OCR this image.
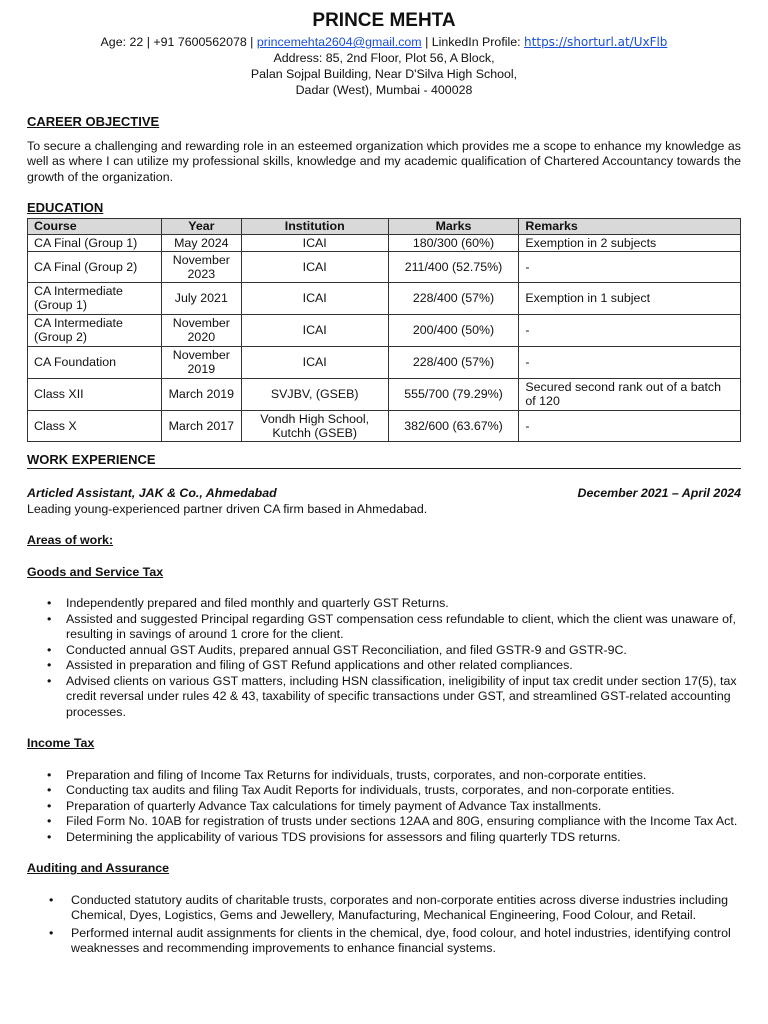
PRINCE MEHTA
Age: 22 | +91 7600562078 | princemehta2604@gmail.com | LinkedIn Profile: https://shorturl.at/UxFlb
Address: 85, 2nd Floor, Plot 56, A Block,
Palan Sojpal Building, Near D'Silva High School,
Dadar (West), Mumbai - 400028
CAREER OBJECTIVE
To secure a challenging and rewarding role in an esteemed organization which provides me a scope to enhance my knowledge as well as where I can utilize my professional skills, knowledge and my academic qualification of Chartered Accountancy towards the growth of the organization.
EDUCATION
Course	Year	Institution	Marks	Remarks
CA Final (Group 1)	May 2024	ICAI	180/300 (60%)	Exemption in 2 subjects
CA Final (Group 2)	November 2023	ICAI	211/400 (52.75%)	-
CA Intermediate (Group 1)	July 2021	ICAI	228/400 (57%)	Exemption in 1 subject
CA Intermediate (Group 2)	November 2020	ICAI	200/400 (50%)	-
CA Foundation	November 2019	ICAI	228/400 (57%)	-
Class XII	March 2019	SVJBV, (GSEB)	555/700 (79.29%)	Secured second rank out of a batch of 120
Class X	March 2017	Vondh High School, Kutchh (GSEB)	382/600 (63.67%)	-
WORK EXPERIENCE
Articled Assistant, JAK & Co., Ahmedabad	December 2021 – April 2024
Leading young-experienced partner driven CA firm based in Ahmedabad.
Areas of work:
Goods and Service Tax
• Independently prepared and filed monthly and quarterly GST Returns.
• Assisted and suggested Principal regarding GST compensation cess refundable to client, which the client was unaware of, resulting in savings of around 1 crore for the client.
• Conducted annual GST Audits, prepared annual GST Reconciliation, and filed GSTR-9 and GSTR-9C.
• Assisted in preparation and filing of GST Refund applications and other related compliances.
• Advised clients on various GST matters, including HSN classification, ineligibility of input tax credit under section 17(5), tax credit reversal under rules 42 & 43, taxability of specific transactions under GST, and streamlined GST-related accounting processes.
Income Tax
• Preparation and filing of Income Tax Returns for individuals, trusts, corporates, and non-corporate entities.
• Conducting tax audits and filing Tax Audit Reports for individuals, trusts, corporates, and non-corporate entities.
• Preparation of quarterly Advance Tax calculations for timely payment of Advance Tax installments.
• Filed Form No. 10AB for registration of trusts under sections 12AA and 80G, ensuring compliance with the Income Tax Act.
• Determining the applicability of various TDS provisions for assessors and filing quarterly TDS returns.
Auditing and Assurance
• Conducted statutory audits of charitable trusts, corporates and non-corporate entities across diverse industries including Chemical, Dyes, Logistics, Gems and Jewellery, Manufacturing, Mechanical Engineering, Food Colour, and Retail.
• Performed internal audit assignments for clients in the chemical, dye, food colour, and hotel industries, identifying control weaknesses and recommending improvements to enhance financial systems.
